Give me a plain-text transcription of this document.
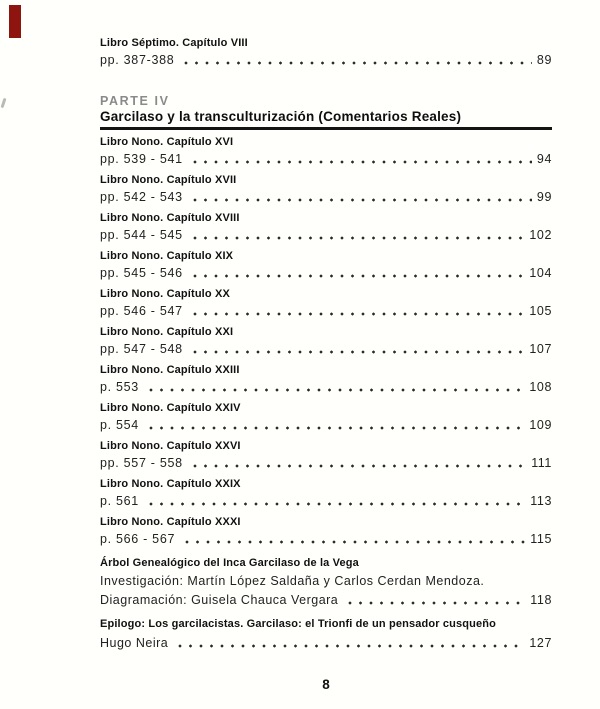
Libro Séptimo. Capítulo VIII
pp. 387-388	89
PARTE IV
Garcilaso y la transculturización (Comentarios Reales)
Libro Nono. Capítulo XVI
pp. 539 - 541	94
Libro Nono. Capítulo XVII
pp. 542 - 543	99
Libro Nono. Capítulo XVIII
pp. 544 - 545	102
Libro Nono. Capítulo XIX
pp. 545 - 546	104
Libro Nono. Capítulo XX
pp. 546 - 547	105
Libro Nono. Capítulo XXI
pp. 547 - 548	107
Libro Nono. Capítulo XXIII
p. 553	108
Libro Nono. Capítulo XXIV
p. 554	109
Libro Nono. Capítulo XXVI
pp. 557 - 558	111
Libro Nono. Capítulo XXIX
p. 561	113
Libro Nono. Capítulo XXXI
p. 566 - 567	115
Árbol Genealógico del Inca Garcilaso de la Vega
Investigación: Martín López Saldaña y Carlos Cerdan Mendoza.
Diagramación: Guisela Chauca Vergara	118
Epilogo: Los garcilacistas. Garcilaso: el Trionfi de un pensador cusqueño
Hugo Neira	127
8
